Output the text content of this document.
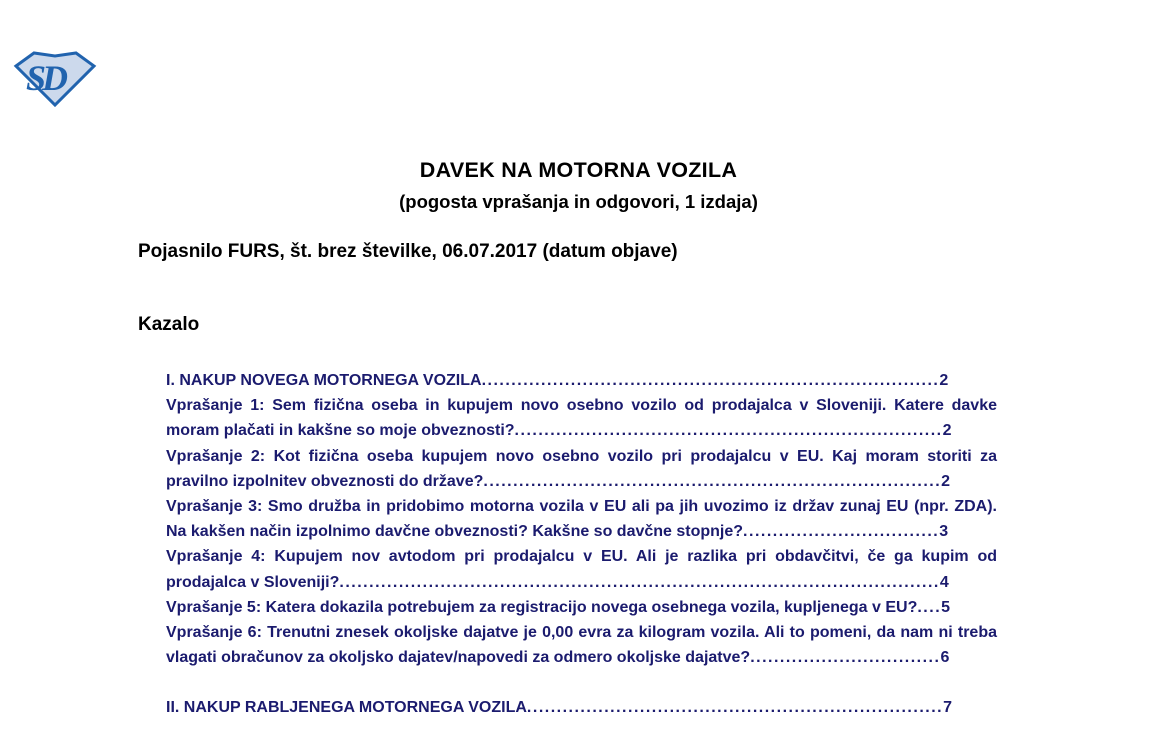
SD
DAVEK NA MOTORNA VOZILA
(pogosta vprašanja in odgovori, 1 izdaja)
Pojasnilo FURS, št. brez številke, 06.07.2017 (datum objave)
Kazalo

I. NAKUP NOVEGA MOTORNEGA VOZILA.............................................................................2

Vprašanje 1: Sem fizična oseba in kupujem novo osebno vozilo od prodajalca v Sloveniji. Katere davke moram plačati in kakšne so moje obveznosti?........................................................................2

Vprašanje 2: Kot fizična oseba kupujem novo osebno vozilo pri prodajalcu v EU. Kaj moram storiti za pravilno izpolnitev obveznosti do države?.............................................................................2

Vprašanje 3: Smo družba in pridobimo motorna vozila v EU ali pa jih uvozimo iz držav zunaj EU (npr. ZDA). Na kakšen način izpolnimo davčne obveznosti? Kakšne so davčne stopnje?.................................3

Vprašanje 4: Kupujem nov avtodom pri prodajalcu v EU. Ali je razlika pri obdavčitvi, če ga kupim od prodajalca v Sloveniji?.....................................................................................................4

Vprašanje 5: Katera dokazila potrebujem za registracijo novega osebnega vozila, kupljenega v EU?....5

Vprašanje 6: Trenutni znesek okoljske dajatve je 0,00 evra za kilogram vozila. Ali to pomeni, da nam ni treba vlagati obračunov za okoljsko dajatev/napovedi za odmero okoljske dajatve?................................6

II. NAKUP RABLJENEGA MOTORNEGA VOZILA......................................................................7
